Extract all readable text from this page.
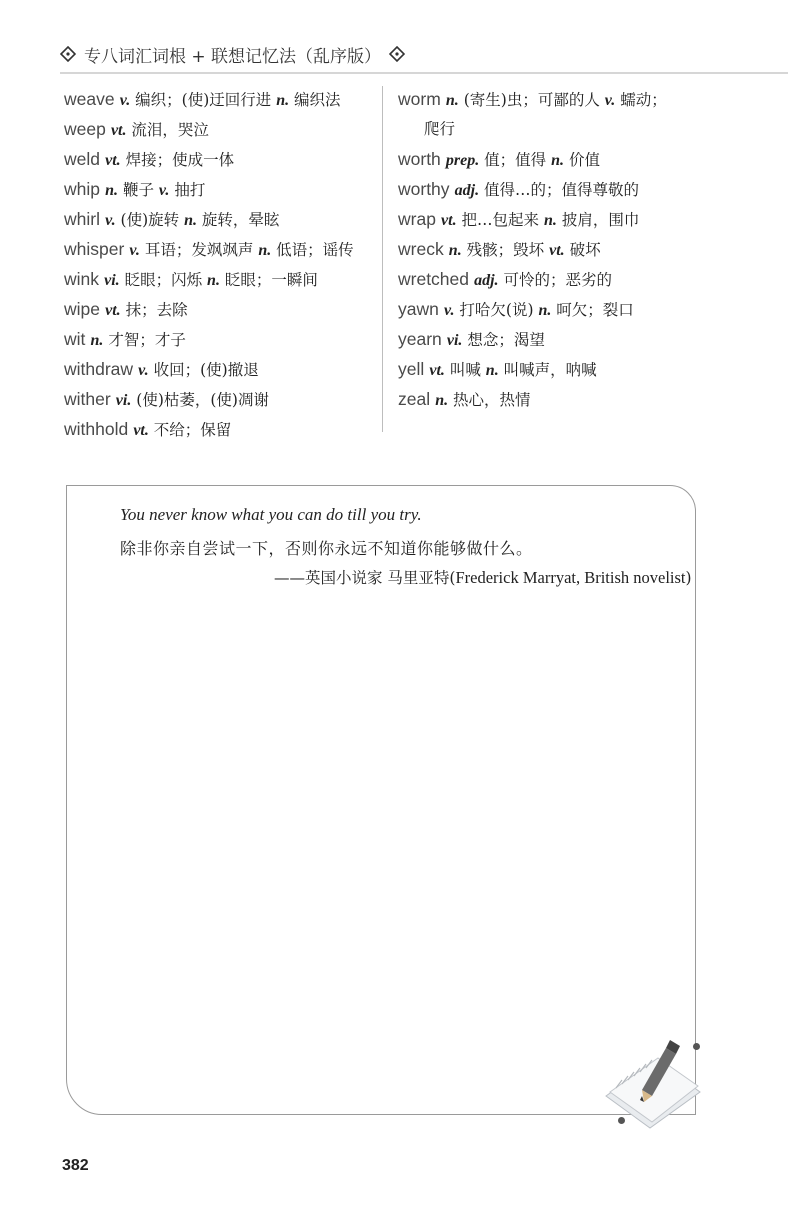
专八词汇词根 + 联想记忆法（乱序版）
weave v. 编织；(使)迂回行进 n. 编织法
weep vt. 流泪，哭泣
weld vt. 焊接；使成一体
whip n. 鞭子 v. 抽打
whirl v. (使)旋转 n. 旋转，晕眩
whisper v. 耳语；发飒飒声 n. 低语；谣传
wink vi. 眨眼；闪烁 n. 眨眼；一瞬间
wipe vt. 抹；去除
wit n. 才智；才子
withdraw v. 收回；(使)撤退
wither vi. (使)枯萎，(使)凋谢
withhold vt. 不给；保留
worm n. (寄生)虫；可鄙的人 v. 蠕动；
爬行
worth prep. 值；值得 n. 价值
worthy adj. 值得…的；值得尊敬的
wrap vt. 把…包起来 n. 披肩，围巾
wreck n. 残骸；毁坏 vt. 破坏
wretched adj. 可怜的；恶劣的
yawn v. 打哈欠(说) n. 呵欠；裂口
yearn vi. 想念；渴望
yell vt. 叫喊 n. 叫喊声，呐喊
zeal n. 热心，热情
You never know what you can do till you try.
除非你亲自尝试一下，否则你永远不知道你能够做什么。
——英国小说家 马里亚特(Frederick Marryat, British novelist)
382
